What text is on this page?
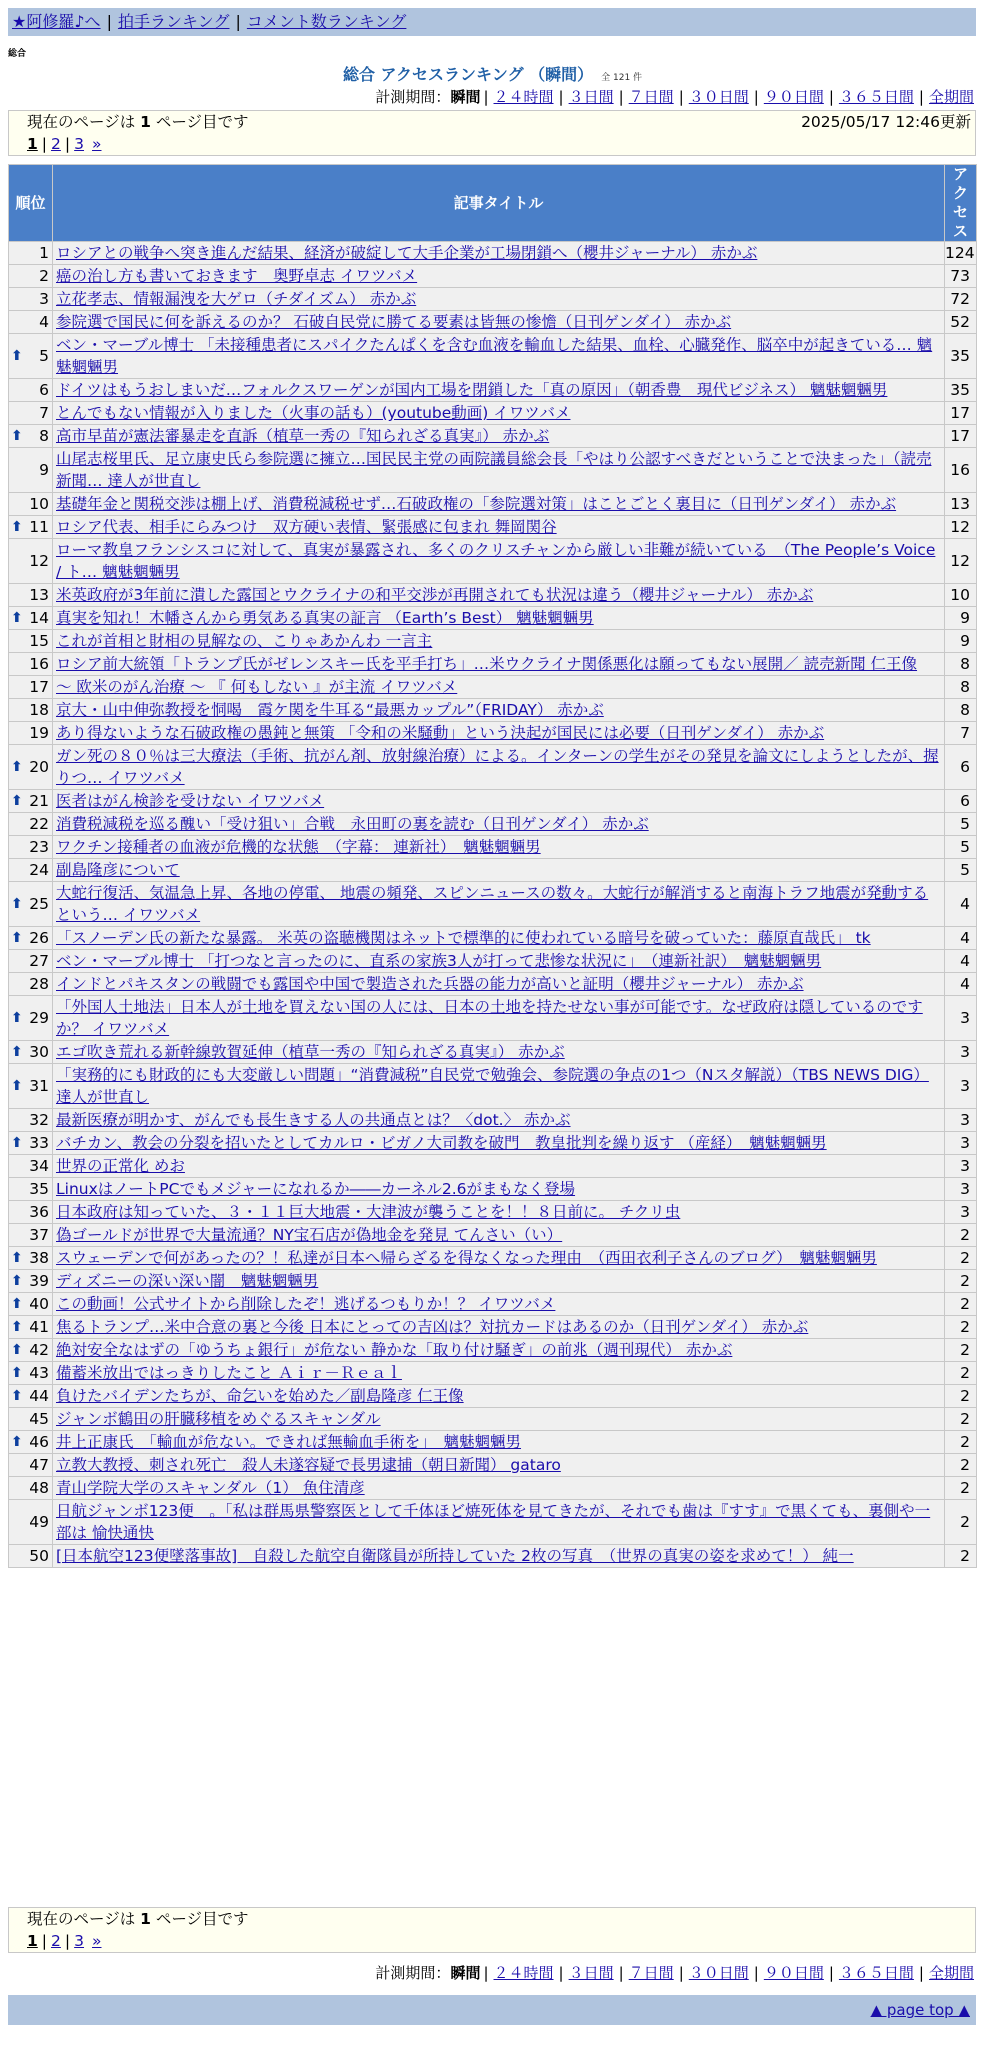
★阿修羅♪へ | 拍手ランキング | コメント数ランキング
総合
総合 アクセスランキング （瞬間） 全 121 件
計測期間：瞬間 | ２４時間 | ３日間 | ７日間 | ３０日間 | ９０日間 | ３６５日間 | 全期間
現在のページは 1 ページ目です	2025/05/17 12:46更新
1 | 2 | 3 »
順位	記事タイトル	アクセス
1	ロシアとの戦争へ突き進んだ結果、経済が破綻して大手企業が工場閉鎖へ（櫻井ジャーナル） 赤かぶ	124
2	癌の治し方も書いておきます　奥野卓志 イワツバメ	73
3	立花孝志、情報漏洩を大ゲロ（チダイズム） 赤かぶ	72
4	参院選で国民に何を訴えるのか？ 石破自民党に勝てる要素は皆無の惨憺（日刊ゲンダイ） 赤かぶ	52

⬆ 5	ベン・マーブル博士 「未接種患者にスパイクたんぱくを含む血液を輸血した結果、血栓、心臓発作、脳卒中が起きている… 魑魅魍魎男	35
6	ドイツはもうおしまいだ…フォルクスワーゲンが国内工場を閉鎖した「真の原因」（朝香豊　現代ビジネス） 魑魅魍魎男	35
7	とんでもない情報が入りました（火事の話も）(youtube動画) イワツバメ	17

⬆ 8	高市早苗が憲法審暴走を直訴（植草一秀の『知られざる真実』） 赤かぶ	17
9	山尾志桜里氏、足立康史氏ら参院選に擁立…国民民主党の両院議員総会長「やはり公認すべきだということで決まった」（読売新聞… 達人が世直し	16
10	基礎年金と関税交渉は棚上げ、消費税減税せず…石破政権の「参院選対策」はことごとく裏目に（日刊ゲンダイ） 赤かぶ	13

⬆ 11	ロシア代表、相手にらみつけ　双方硬い表情、緊張感に包まれ 舞岡関谷	12
12	ローマ教皇フランシスコに対して、真実が暴露され、多くのクリスチャンから厳しい非難が続いている　（The People’s Voice / ト… 魑魅魍魎男	12
13	米英政府が3年前に潰した露国とウクライナの和平交渉が再開されても状況は違う（櫻井ジャーナル） 赤かぶ	10

⬆ 14	真実を知れ！木幡さんから勇気ある真実の証言 （Earth’s Best） 魑魅魍魎男	9
15	これが首相と財相の見解なの、こりゃあかんわ 一言主	9
16	ロシア前大統領「トランプ氏がゼレンスキー氏を平手打ち」…米ウクライナ関係悪化は願ってもない展開／ 読売新聞 仁王像	8
17	～ 欧米のがん治療 ～ 『 何もしない 』が主流 イワツバメ	8
18	京大・山中伸弥教授を恫喝　霞ケ関を牛耳る“最悪カップル”（FRIDAY） 赤かぶ	8
19	あり得ないような石破政権の愚鈍と無策 「令和の米騒動」という決起が国民には必要（日刊ゲンダイ） 赤かぶ	7

⬆ 20	ガン死の８０％は三大療法（手術、抗がん剤、放射線治療）による。インターンの学生がその発見を論文にしようとしたが、握りつ… イワツバメ	6

⬆ 21	医者はがん検診を受けない イワツバメ	6
22	消費税減税を巡る醜い「受け狙い」合戦　永田町の裏を読む（日刊ゲンダイ） 赤かぶ	5
23	ワクチン接種者の血液が危機的な状態　（字幕： 連新社）　魑魅魍魎男	5
24	副島隆彦について	5

⬆ 25	大蛇行復活、気温急上昇、各地の停電、 地震の頻発、スピンニュースの数々。大蛇行が解消すると南海トラフ地震が発動するという… イワツバメ	4

⬆ 26	「スノーデン氏の新たな暴露。 米英の盗聴機関はネットで標準的に使われている暗号を破っていた：藤原直哉氏」 tk	4
27	ベン・マーブル博士 「打つなと言ったのに、直系の家族3人が打って悲惨な状況に」　（連新社訳）　魑魅魍魎男	4
28	インドとパキスタンの戦闘でも露国や中国で製造された兵器の能力が高いと証明（櫻井ジャーナル） 赤かぶ	4

⬆ 29	「外国人土地法」日本人が土地を買えない国の人には、日本の土地を持たせない事が可能です。なぜ政府は隠しているのですか？ イワツバメ	3

⬆ 30	エゴ吹き荒れる新幹線敦賀延伸（植草一秀の『知られざる真実』） 赤かぶ	3

⬆ 31	「実務的にも財政的にも大変厳しい問題」“消費減税”自民党で勉強会、参院選の争点の1つ（Nスタ解説）（TBS NEWS DIG） 達人が世直し	3
32	最新医療が明かす、がんでも長生きする人の共通点とは？〈dot.〉 赤かぶ	3

⬆ 33	バチカン、教会の分裂を招いたとしてカルロ・ビガノ大司教を破門　教皇批判を繰り返す （産経）　魑魅魍魎男	3
34	世界の正常化 めお	3
35	LinuxはノートPCでもメジャーになれるか――カーネル2.6がまもなく登場	3
36	日本政府は知っていた、３・１１巨大地震・大津波が襲うことを！！８日前に。 チクリ虫	3
37	偽ゴールドが世界で大量流通？NY宝石店が偽地金を発見 てんさい（い）	2

⬆ 38	スウェーデンで何があったの？！私達が日本へ帰らざるを得なくなった理由　（西田衣利子さんのブログ）　魑魅魍魎男	2

⬆ 39	ディズニーの深い深い闇　魑魅魍魎男	2

⬆ 40	この動画！公式サイトから削除したぞ！逃げるつもりか！？ イワツバメ	2

⬆ 41	焦るトランプ…米中合意の裏と今後 日本にとっての吉凶は？対抗カードはあるのか（日刊ゲンダイ） 赤かぶ	2

⬆ 42	絶対安全なはずの「ゆうちょ銀行」が危ない 静かな「取り付け騒ぎ」の前兆（週刊現代） 赤かぶ	2

⬆ 43	備蓄米放出ではっきりしたこと Ａｉｒ－Ｒｅａｌ	2

⬆ 44	負けたバイデンたちが、命乞いを始めた／副島隆彦 仁王像	2
45	ジャンボ鶴田の肝臓移植をめぐるスキャンダル	2

⬆ 46	井上正康氏　「輸血が危ない。できれば無輸血手術を」　魑魅魍魎男	2
47	立教大教授、刺され死亡　殺人未遂容疑で長男逮捕（朝日新聞） gataro	2
48	青山学院大学のスキャンダル（1） 魚住清彦	2
49	日航ジャンボ123便　。「私は群馬県警察医として千体ほど焼死体を見てきたが、それでも歯は『すす』で黒くても、裏側や一部は 愉快通快	2
50	[日本航空123便墜落事故]　自殺した航空自衛隊員が所持していた 2枚の写真　（世界の真実の姿を求めて！） 純一	2
現在のページは 1 ページ目です
1 | 2 | 3 »
計測期間：瞬間 | ２４時間 | ３日間 | ７日間 | ３０日間 | ９０日間 | ３６５日間 | 全期間
▲ page top ▲
